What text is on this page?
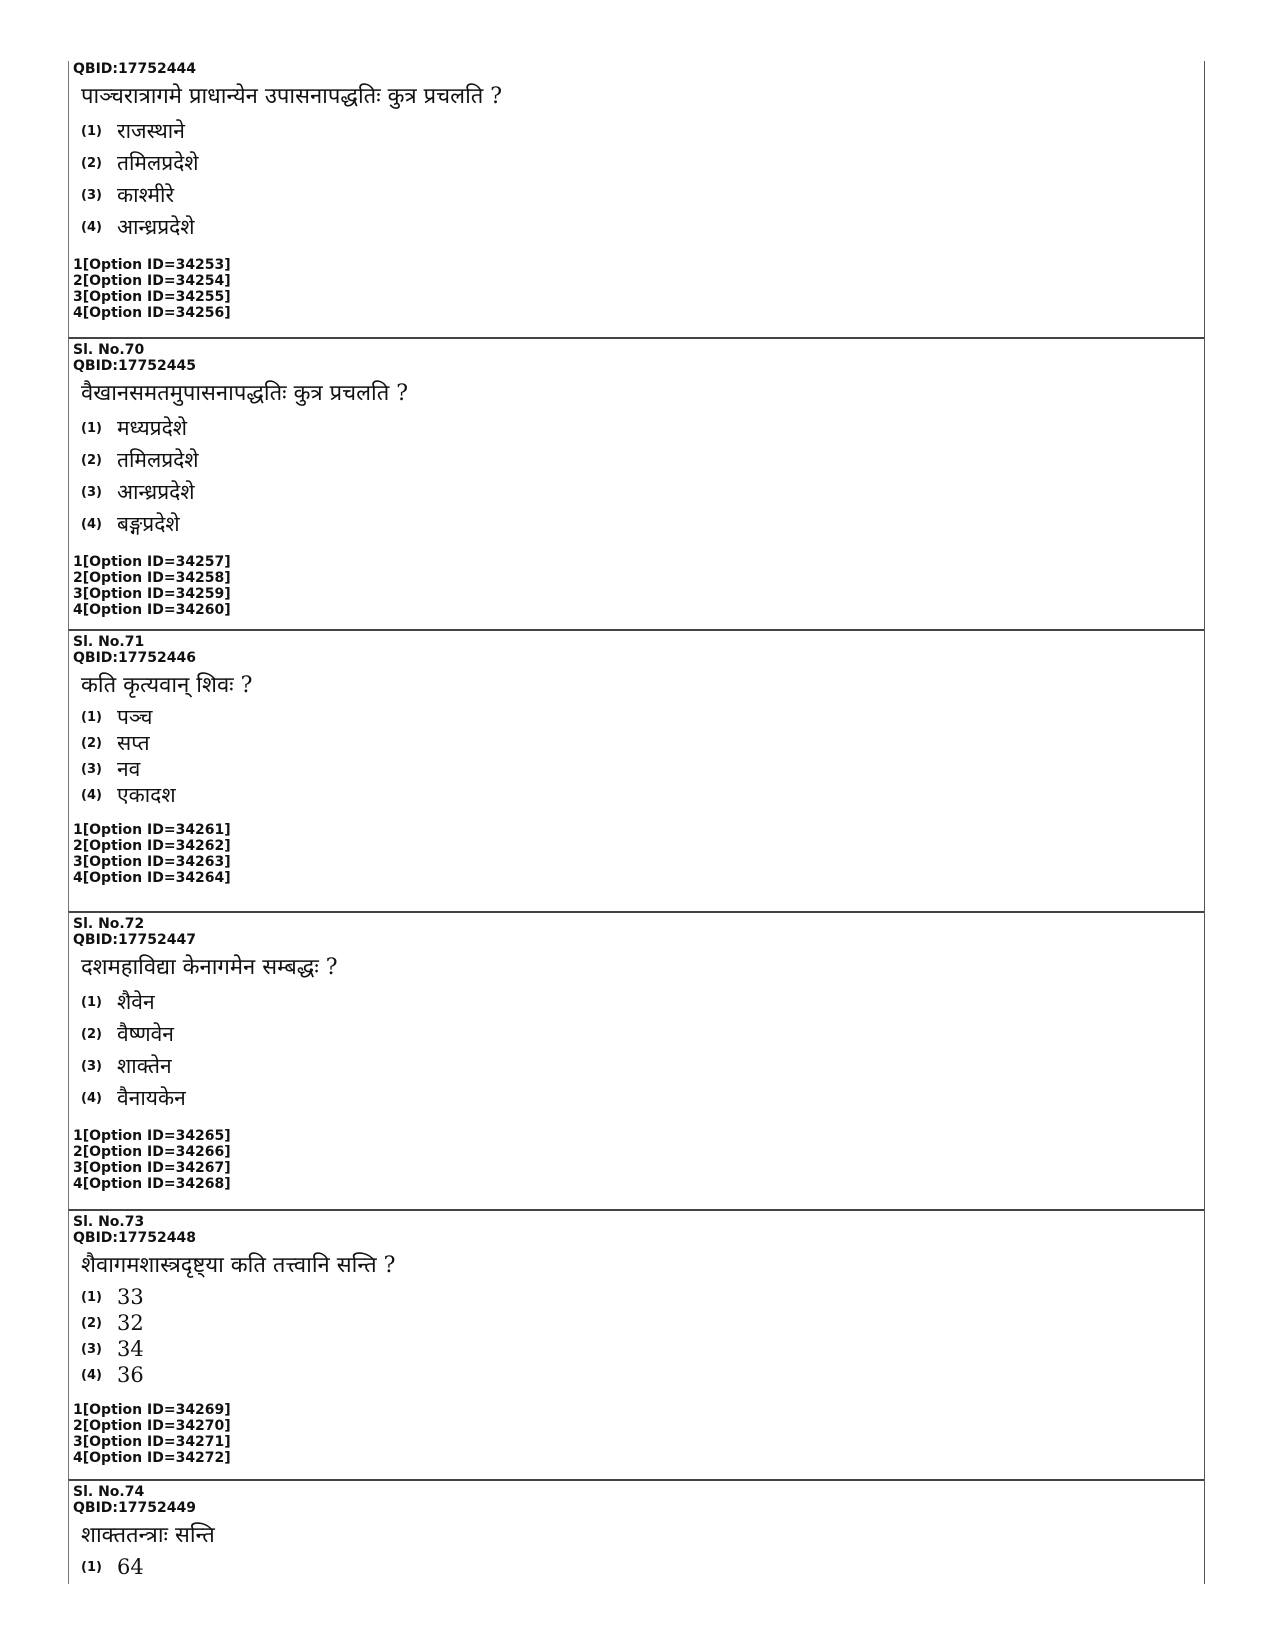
QBID:17752444
पाञ्चरात्रागमे प्राधान्येन उपासनापद्धतिः कुत्र प्रचलति ?
(1) राजस्थाने
(2) तमिलप्रदेशे
(3) काश्मीरे
(4) आन्ध्रप्रदेशे
1[Option ID=34253]
2[Option ID=34254]
3[Option ID=34255]
4[Option ID=34256]
Sl. No.70
QBID:17752445
वैखानसमतमुपासनापद्धतिः कुत्र प्रचलति ?
(1) मध्यप्रदेशे
(2) तमिलप्रदेशे
(3) आन्ध्रप्रदेशे
(4) बङ्गप्रदेशे
1[Option ID=34257]
2[Option ID=34258]
3[Option ID=34259]
4[Option ID=34260]
Sl. No.71
QBID:17752446
कति कृत्यवान् शिवः ?
(1) पञ्च
(2) सप्त
(3) नव
(4) एकादश
1[Option ID=34261]
2[Option ID=34262]
3[Option ID=34263]
4[Option ID=34264]
Sl. No.72
QBID:17752447
दशमहाविद्या केनागमेन सम्बद्धः ?
(1) शैवेन
(2) वैष्णवेन
(3) शाक्तेन
(4) वैनायकेन
1[Option ID=34265]
2[Option ID=34266]
3[Option ID=34267]
4[Option ID=34268]
Sl. No.73
QBID:17752448
शैवागमशास्त्रदृष्ट्या कति तत्त्वानि सन्ति ?
(1) 33
(2) 32
(3) 34
(4) 36
1[Option ID=34269]
2[Option ID=34270]
3[Option ID=34271]
4[Option ID=34272]
Sl. No.74
QBID:17752449
शाक्ततन्त्राः सन्ति
(1) 64
